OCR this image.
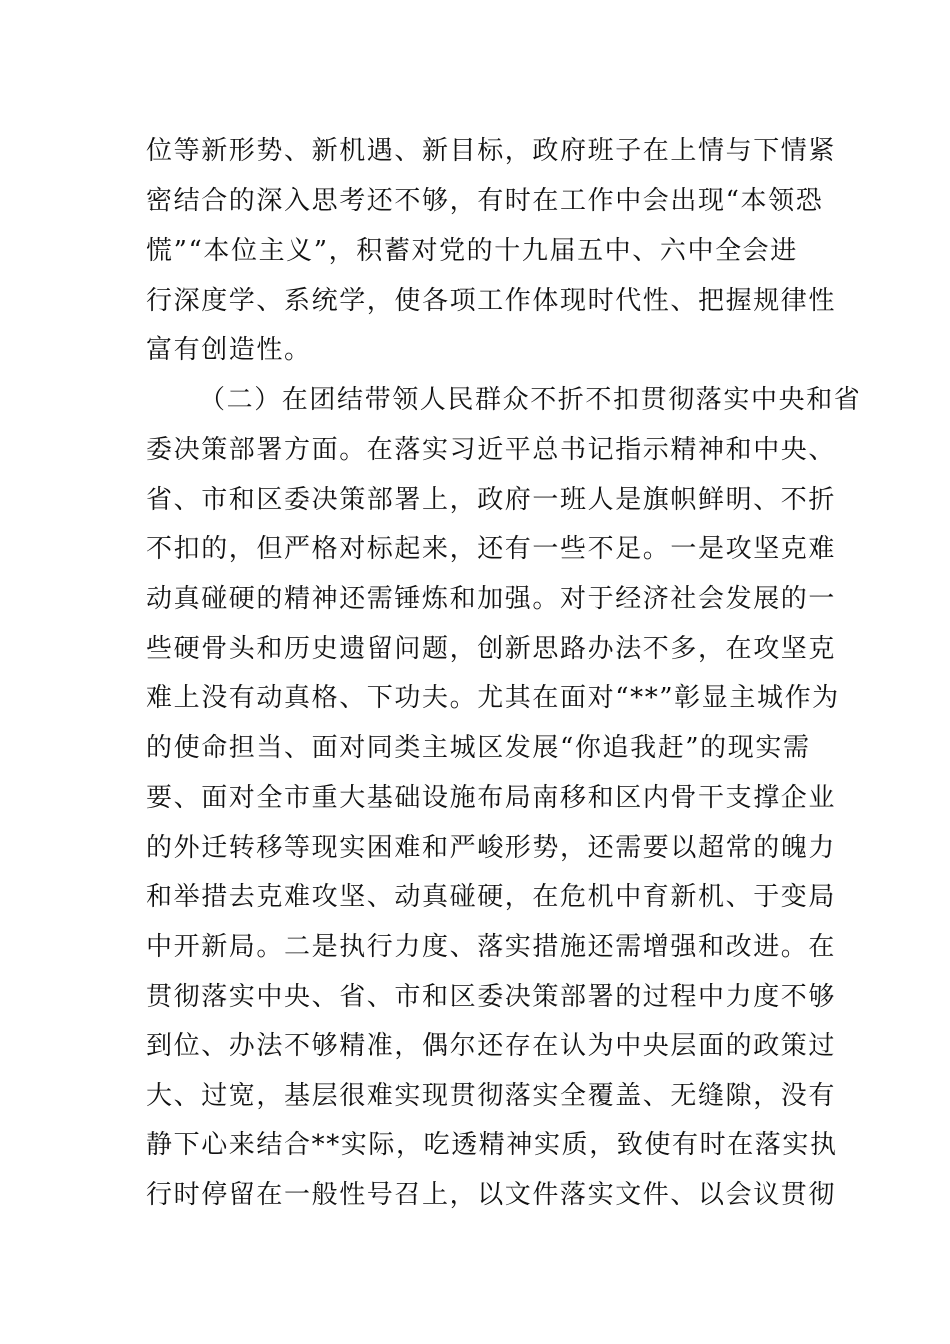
位等新形势、新机遇、新目标，政府班子在上情与下情紧
密结合的深入思考还不够，有时在工作中会出现“本领恐
慌”“本位主义”，积蓄对党的十九届五中、六中全会进
行深度学、系统学，使各项工作体现时代性、把握规律性
富有创造性。
（二）在团结带领人民群众不折不扣贯彻落实中央和省
委决策部署方面。在落实习近平总书记指示精神和中央、
省、市和区委决策部署上，政府一班人是旗帜鲜明、不折
不扣的，但严格对标起来，还有一些不足。一是攻坚克难
动真碰硬的精神还需锤炼和加强。对于经济社会发展的一
些硬骨头和历史遗留问题，创新思路办法不多，在攻坚克
难上没有动真格、下功夫。尤其在面对“**”彰显主城作为
的使命担当、面对同类主城区发展“你追我赶”的现实需
要、面对全市重大基础设施布局南移和区内骨干支撑企业
的外迁转移等现实困难和严峻形势，还需要以超常的魄力
和举措去克难攻坚、动真碰硬，在危机中育新机、于变局
中开新局。二是执行力度、落实措施还需增强和改进。在
贯彻落实中央、省、市和区委决策部署的过程中力度不够
到位、办法不够精准，偶尔还存在认为中央层面的政策过
大、过宽，基层很难实现贯彻落实全覆盖、无缝隙，没有
静下心来结合**实际，吃透精神实质，致使有时在落实执
行时停留在一般性号召上，以文件落实文件、以会议贯彻
